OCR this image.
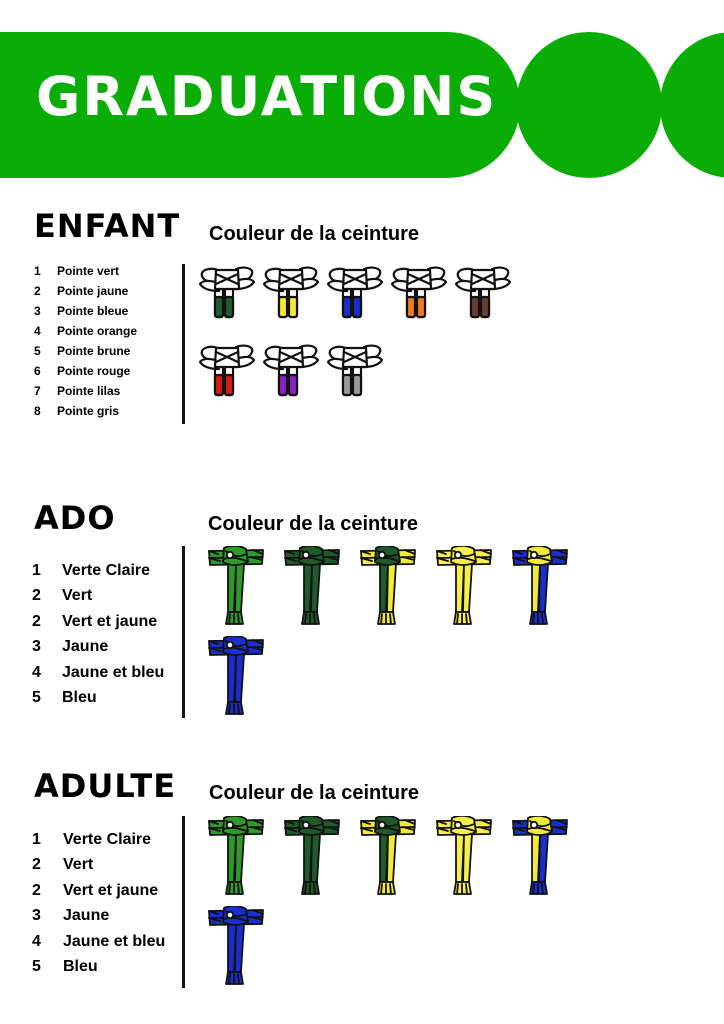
GRADUATIONS
ENFANT Couleur de la ceinture
1	Pointe vert
2	Pointe jaune
3	Pointe bleue
4	Pointe orange
5	Pointe brune
6	Pointe rouge
7	Pointe lilas
8	Pointe gris
ADO	Couleur de la ceinture
1	Verte Claire
2	Vert
2	Vert et jaune
3	Jaune
4	Jaune et bleu
5	Bleu
ADULTE Couleur de la ceinture
1	Verte Claire
2	Vert
2	Vert et jaune
3	Jaune
4	Jaune et bleu
5	Bleu
